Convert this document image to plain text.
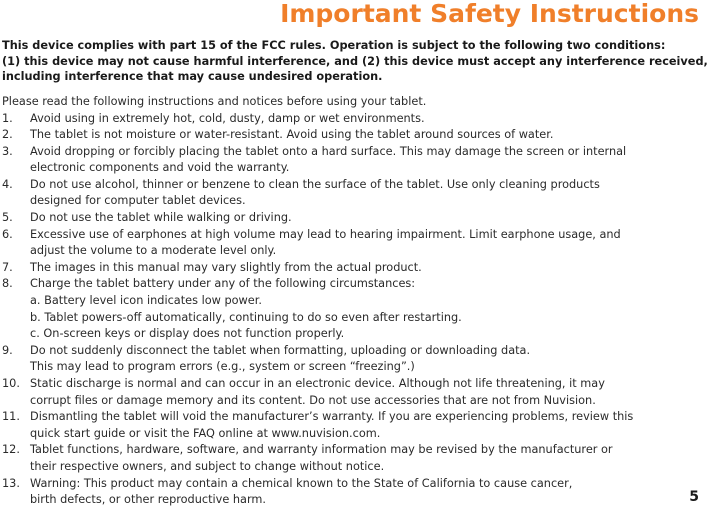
Important Safety Instructions
This device complies with part 15 of the FCC rules. Operation is subject to the following two conditions:
(1) this device may not cause harmful interference, and (2) this device must accept any interference received,
including interference that may cause undesired operation.
Please read the following instructions and notices before using your tablet.
1. Avoid using in extremely hot, cold, dusty, damp or wet environments.
2. The tablet is not moisture or water-resistant. Avoid using the tablet around sources of water.
3. Avoid dropping or forcibly placing the tablet onto a hard surface. This may damage the screen or internal
electronic components and void the warranty.
4. Do not use alcohol, thinner or benzene to clean the surface of the tablet. Use only cleaning products
designed for computer tablet devices.
5. Do not use the tablet while walking or driving.
6. Excessive use of earphones at high volume may lead to hearing impairment. Limit earphone usage, and
adjust the volume to a moderate level only.
7. The images in this manual may vary slightly from the actual product.
8. Charge the tablet battery under any of the following circumstances:
a. Battery level icon indicates low power.
b. Tablet powers-off automatically, continuing to do so even after restarting.
c. On-screen keys or display does not function properly.
9. Do not suddenly disconnect the tablet when formatting, uploading or downloading data.
This may lead to program errors (e.g., system or screen “freezing”.)
10. Static discharge is normal and can occur in an electronic device. Although not life threatening, it may
corrupt files or damage memory and its content. Do not use accessories that are not from Nuvision.
11. Dismantling the tablet will void the manufacturer’s warranty. If you are experiencing problems, review this
quick start guide or visit the FAQ online at www.nuvision.com.
12. Tablet functions, hardware, software, and warranty information may be revised by the manufacturer or
their respective owners, and subject to change without notice.
13. Warning: This product may contain a chemical known to the State of California to cause cancer,
birth defects, or other reproductive harm.	5
